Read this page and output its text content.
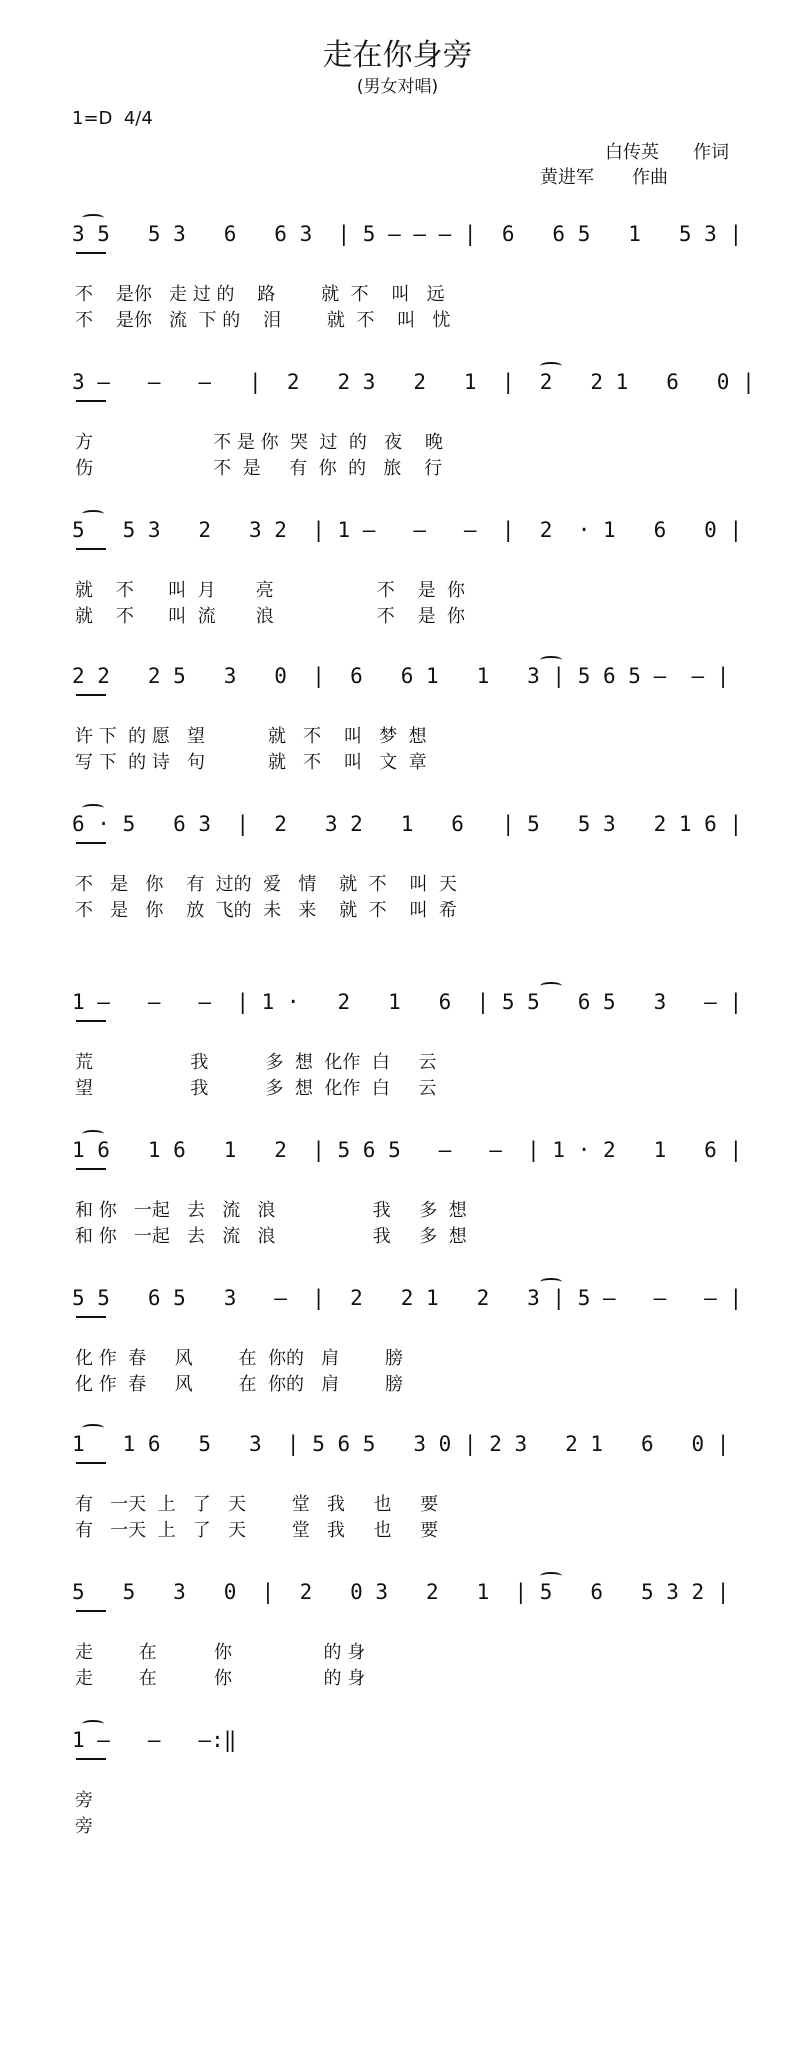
走在你身旁
(男女对唱)
1=D  4/4
白传英 作词
黄进军 作曲
3 5   5 3   6   6 3  | 5 — — — |  6   6 5   1   5 3 |
不    是你   走 过 的    路        就  不    叫   远
不    是你   流  下 的    泪        就  不    叫   忧
3 —   —   —   |  2   2 3   2   1  |  2   2 1   6   0 |
方                     不 是 你  哭  过  的   夜    晚
伤                     不  是     有  你  的   旅    行
5   5 3   2   3 2  | 1 —   —   —  |  2  · 1   6   0 |
就    不      叫  月       亮                  不    是  你
就    不      叫  流       浪                  不    是  你
2 2   2 5   3   0  |  6   6 1   1   3 | 5 6 5 —  — |
许 下  的 愿   望           就   不    叫   梦  想
写 下  的 诗   句           就   不    叫   文  章
6 · 5   6 3  |  2   3 2   1   6   | 5   5 3   2 1 6 |
不   是   你    有  过的  爱   情    就  不    叫  天
不   是   你    放  飞的  未   来    就  不    叫  希
1 —   —   —  | 1 ·   2   1   6  | 5 5   6 5   3   — |
荒                 我          多  想  化作  白     云
望                 我          多  想  化作  白     云
1 6   1 6   1   2  | 5 6 5   —   —  | 1 · 2   1   6 |
和 你   一起   去   流   浪                 我     多  想
和 你   一起   去   流   浪                 我     多  想
5 5   6 5   3   —  |  2   2 1   2   3 | 5 —   —   — |
化 作  春     风        在  你的   肩        膀
化 作  春     风        在  你的   肩        膀
1   1 6   5   3  | 5 6 5   3 0 | 2 3   2 1   6   0 |
有   一天  上   了   天        堂   我     也     要
有   一天  上   了   天        堂   我     也     要
5   5   3   0  |  2   0 3   2   1  | 5   6   5 3 2 |
走        在          你                的 身
走        在          你                的 身
1 —   —   —:‖
旁
旁
